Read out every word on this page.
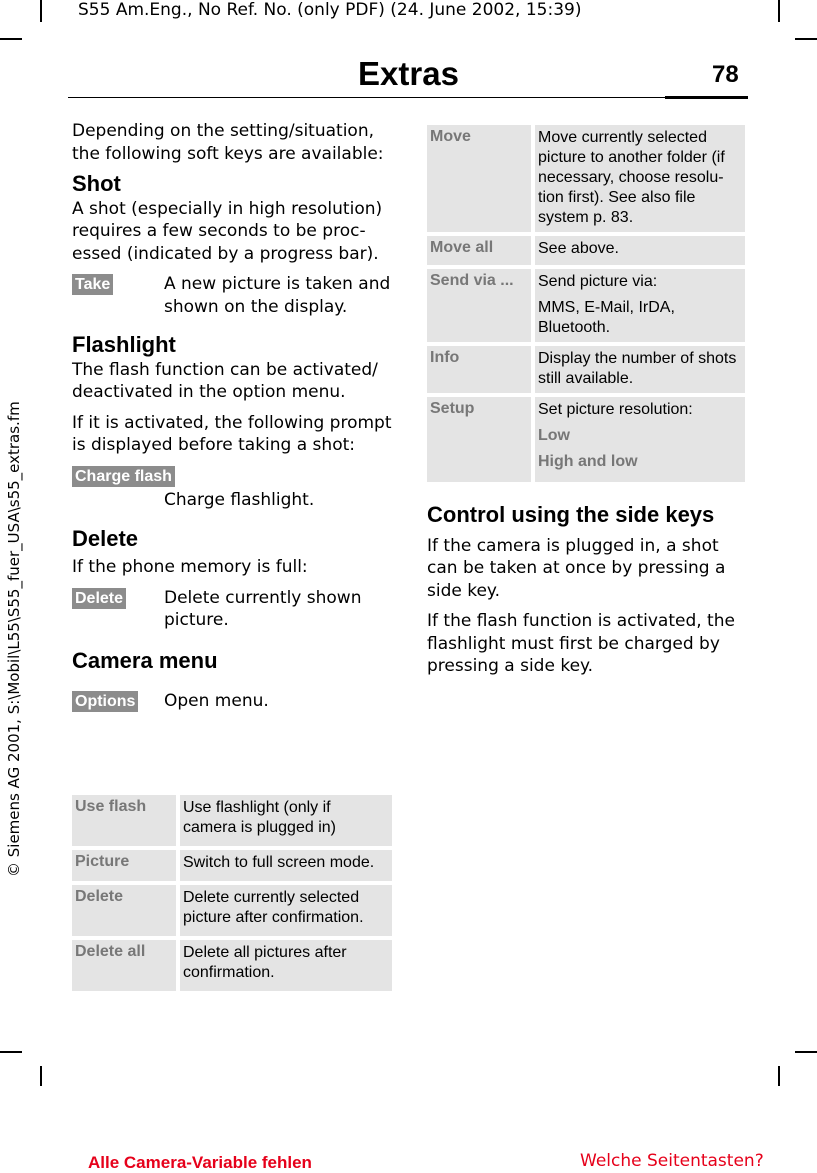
S55 Am.Eng., No Ref. No. (only PDF) (24. June 2002, 15:39)
Extras	78
© Siemens AG 2001, S:\Mobil\L55\S55_fuer_USA\s55_extras.fm

Depending on the setting/situation, the following soft keys are available:

Shot

A shot (especially in high resolution) requires a few seconds to be proc-essed (indicated by a progress bar).

Take	A new picture is taken and shown on the display.
Flashlight

The flash function can be activated/ deactivated in the option menu.

If it is activated, the following prompt is displayed before taking a shot:

Charge flash
Charge flashlight.
Delete

If the phone memory is full:

Delete	Delete currently shown picture.
Camera menu
Options	Open menu.
Use flash	Use flashlight (only if camera is plugged in)
Picture	Switch to full screen mode.
Delete	Delete currently selected picture after confirmation.
Delete all	Delete all pictures after confirmation.
Move	Move currently selected picture to another folder (if necessary, choose resolu-tion first). See also file system p. 83.
Move all	See above.
Send via ...	Send picture via:
MMS, E-Mail, IrDA, Bluetooth.

Info	Display the number of shots still available.
Setup	Set picture resolution:
Low
High and low
Control using the side keys

If the camera is plugged in, a shot can be taken at once by pressing a side key.

If the flash function is activated, the flashlight must first be charged by pressing a side key.

Alle Camera-Variable fehlen	Welche Seitentasten?
